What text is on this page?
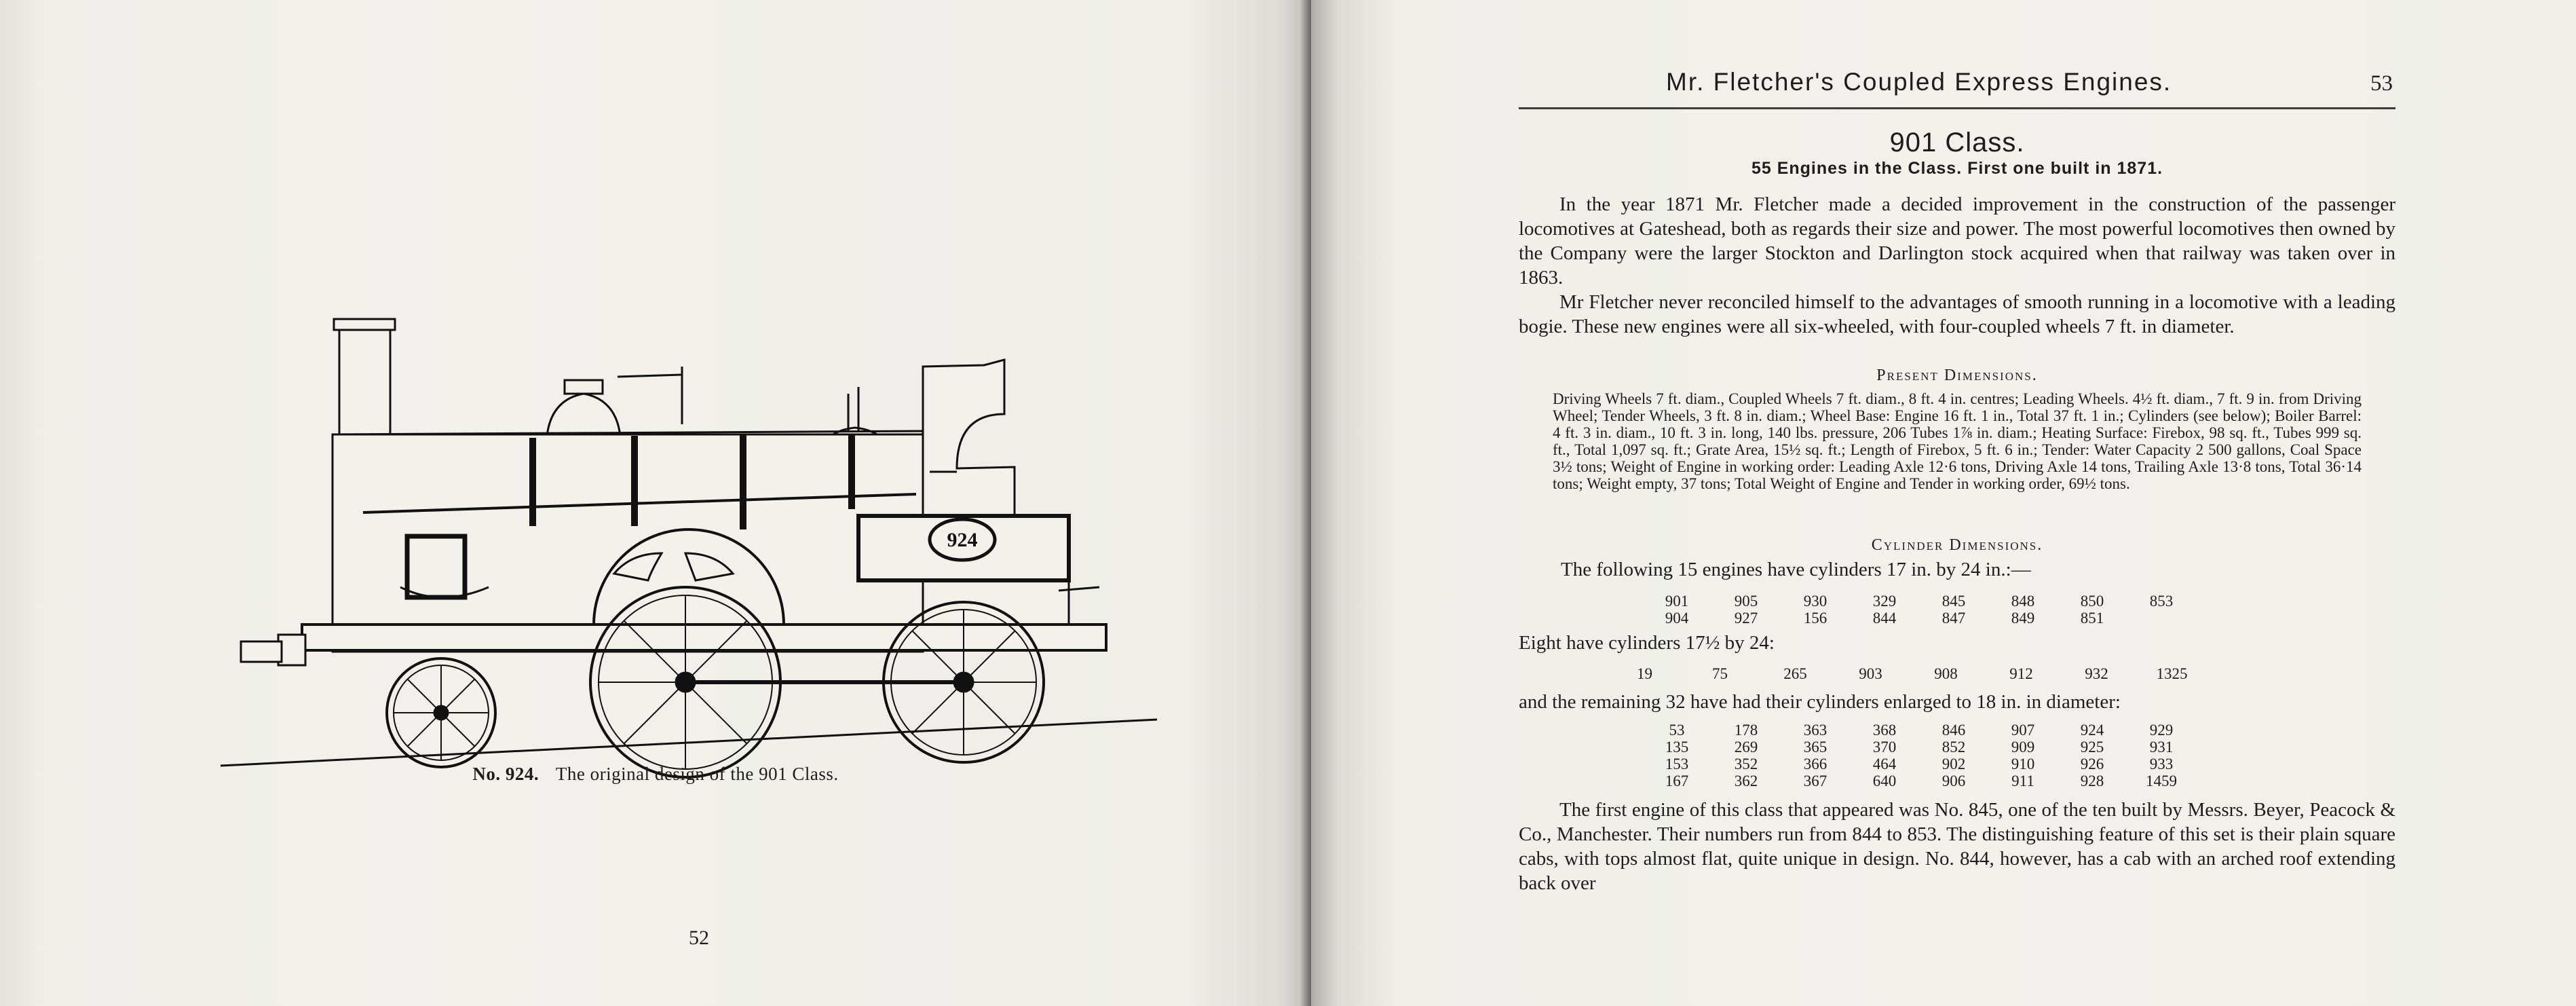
924
No. 924. The original design of the 901 Class.
52
Mr. Fletcher's Coupled Express Engines.	53
901 Class.
55 Engines in the Class. First one built in 1871.

In the year 1871 Mr. Fletcher made a decided improvement in the construction of the passenger locomotives at Gateshead, both as regards their size and power. The most powerful locomotives then owned by the Company were the larger Stockton and Darlington stock acquired when that railway was taken over in 1863.

Mr Fletcher never reconciled himself to the advantages of smooth running in a locomotive with a leading bogie. These new engines were all six-wheeled, with four-coupled wheels 7 ft. in diameter.

Present Dimensions.
Driving Wheels 7 ft. diam., Coupled Wheels 7 ft. diam., 8 ft. 4 in. centres; Leading Wheels. 4½ ft. diam., 7 ft. 9 in. from Driving Wheel; Tender Wheels, 3 ft. 8 in. diam.; Wheel Base: Engine 16 ft. 1 in., Total 37 ft. 1 in.; Cylinders (see below); Boiler Barrel: 4 ft. 3 in. diam., 10 ft. 3 in. long, 140 lbs. pressure, 206 Tubes 1⅞ in. diam.; Heating Surface: Firebox, 98 sq. ft., Tubes 999 sq. ft., Total 1,097 sq. ft.; Grate Area, 15½ sq. ft.; Length of Firebox, 5 ft. 6 in.; Tender: Water Capacity 2 500 gallons, Coal Space 3½ tons; Weight of Engine in working order: Leading Axle 12·6 tons, Driving Axle 14 tons, Trailing Axle 13·8 tons, Total 36·14 tons; Weight empty, 37 tons; Total Weight of Engine and Tender in working order, 69½ tons.
Cylinder Dimensions.
The following 15 engines have cylinders 17 in. by 24 in.:—
901	905	930	329	845	848	850	853
904	927	156	844	847	849	851
Eight have cylinders 17½ by 24:
19	75	265	903	908	912	932	1325
and the remaining 32 have had their cylinders enlarged to 18 in. in diameter:
53	178	363	368	846	907	924	929
135	269	365	370	852	909	925	931
153	352	366	464	902	910	926	933
167	362	367	640	906	911	928	1459

The first engine of this class that appeared was No. 845, one of the ten built by Messrs. Beyer, Peacock & Co., Manchester. Their numbers run from 844 to 853. The distinguishing feature of this set is their plain square cabs, with tops almost flat, quite unique in design. No. 844, however, has a cab with an arched roof extending back over
